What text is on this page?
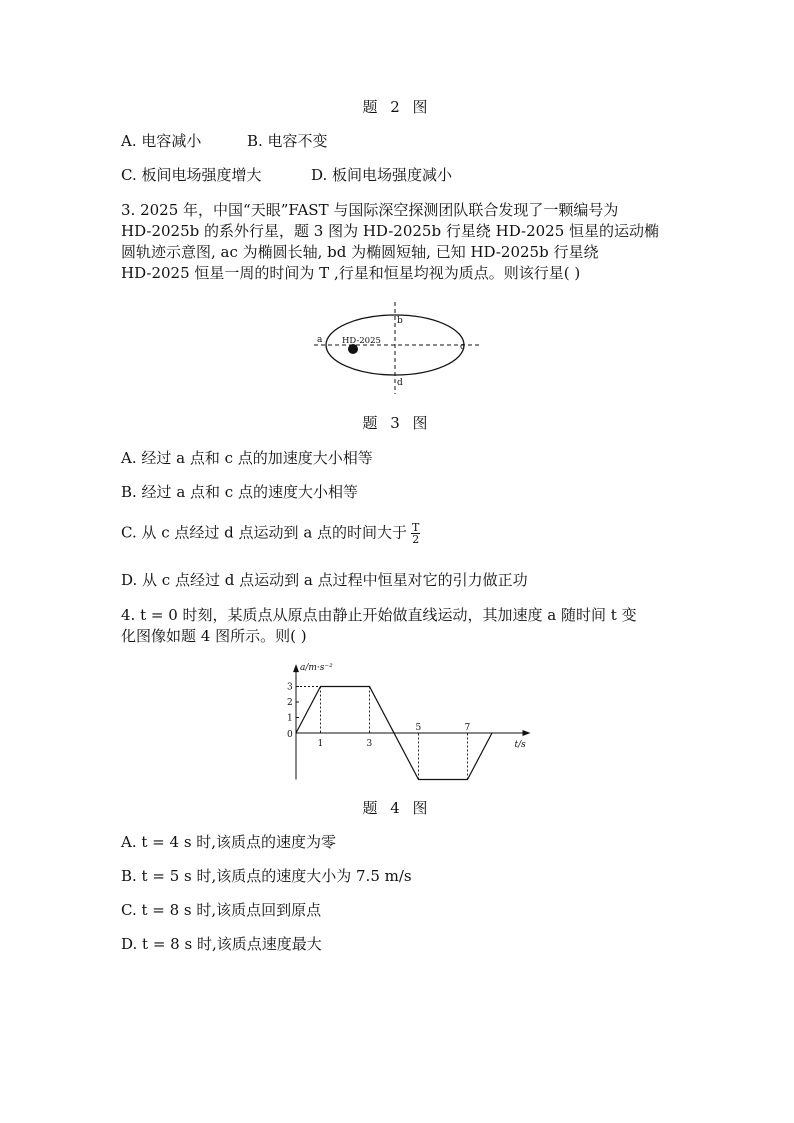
题 2 图
A. 电容减小	B. 电容不变
C. 板间电场强度增大	D. 板间电场强度减小
3. 2025 年，中国“天眼”FAST 与国际深空探测团队联合发现了一颗编号为
HD-2025b 的系外行星，题 3 图为 HD-2025b 行星绕 HD-2025 恒星的运动椭
圆轨迹示意图, ac 为椭圆长轴, bd 为椭圆短轴, 已知 HD-2025b 行星绕
HD-2025 恒星一周的时间为 T ,行星和恒星均视为质点。则该行星( )
HD-2025
a
b
c
d
题 3 图
A. 经过 a 点和 c 点的加速度大小相等
B. 经过 a 点和 c 点的速度大小相等
C. 从 c 点经过 d 点运动到 a 点的时间大于 $\frac{T}{2}$
D. 从 c 点经过 d 点运动到 a 点过程中恒星对它的引力做正功
4. t = 0 时刻，某质点从原点由静止开始做直线运动，其加速度 a 随时间 t 变
化图像如题 4 图所示。则( )
a/m·s⁻²
t/s
0
1
2
3
1	3
5	7
题 4 图
A. t = 4 s 时,该质点的速度为零
B. t = 5 s 时,该质点的速度大小为 7.5 m/s
C. t = 8 s 时,该质点回到原点
D. t = 8 s 时,该质点速度最大
